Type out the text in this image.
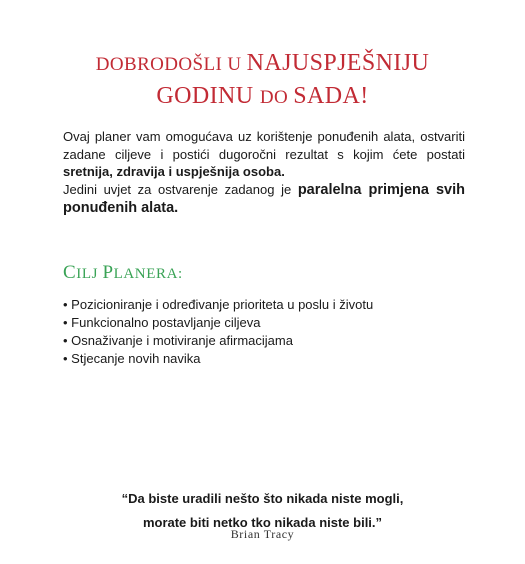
DOBRODOŠLI U NAJUSPJEŠNIJU
GODINU DO SADA!

Ovaj planer vam omogućava uz korištenje ponuđenih alata, ostvariti zadane ciljeve i postići dugoročni rezultat s kojim ćete postati sretnija, zdravija i uspješnija osoba.

Jedini uvjet za ostvarenje zadanog je paralelna primjena svih ponuđenih alata.

CILJ PLANERA:
• Pozicioniranje i određivanje prioriteta u poslu i životu
• Funkcionalno postavljanje ciljeva
• Osnaživanje i motiviranje afirmacijama
• Stjecanje novih navika
“Da biste uradili nešto što nikada niste mogli,
morate biti netko tko nikada niste bili.”
Brian Tracy
